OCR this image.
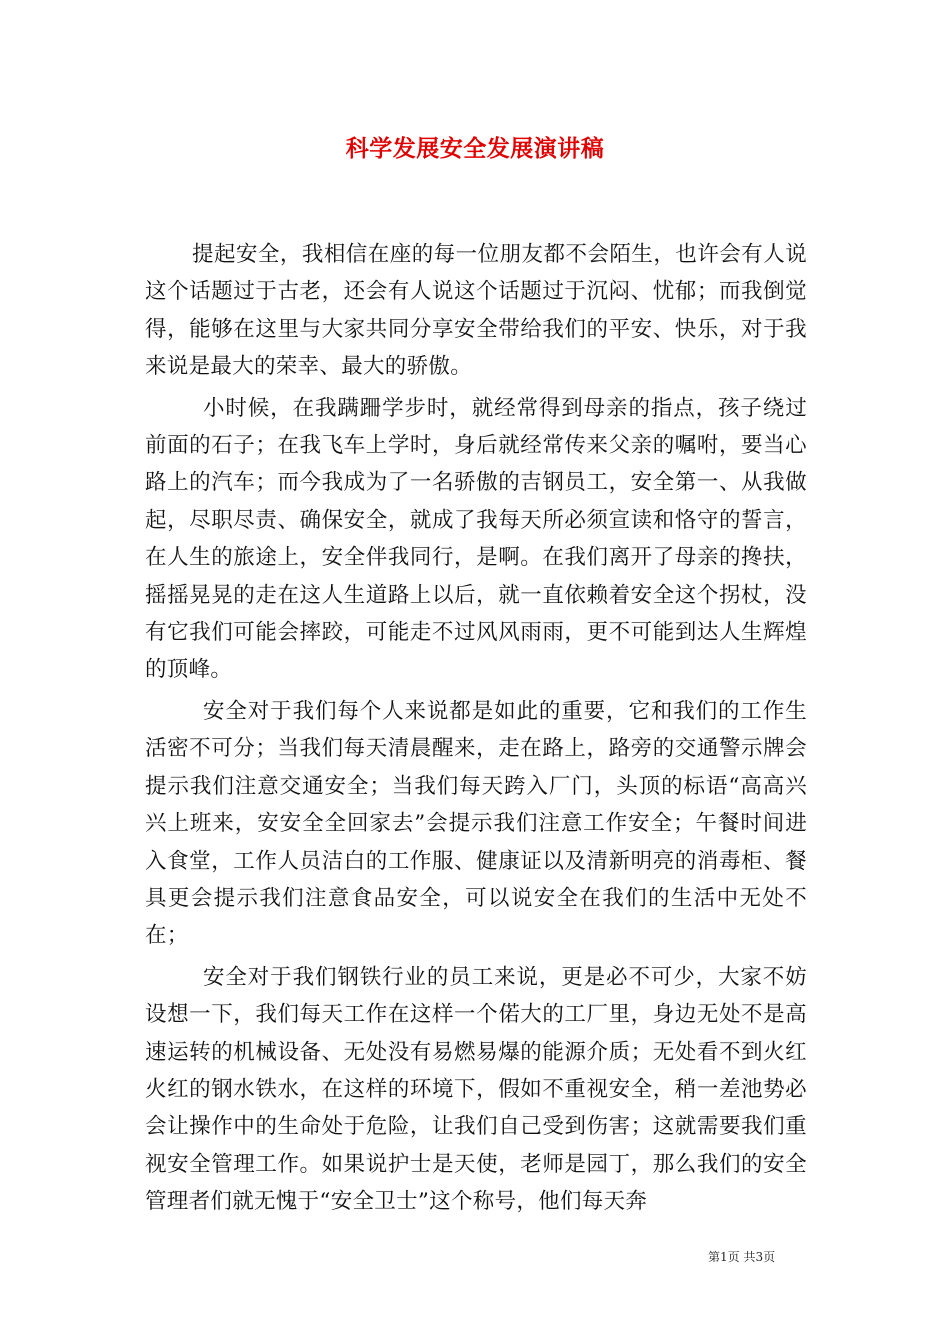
科学发展安全发展演讲稿

提起安全，我相信在座的每一位朋友都不会陌生，也许会有人说这个话题过于古老，还会有人说这个话题过于沉闷、忧郁；而我倒觉得，能够在这里与大家共同分享安全带给我们的平安、快乐，对于我来说是最大的荣幸、最大的骄傲。

小时候，在我蹒跚学步时，就经常得到母亲的指点，孩子绕过前面的石子；在我飞车上学时，身后就经常传来父亲的嘱咐，要当心路上的汽车；而今我成为了一名骄傲的吉钢员工，安全第一、从我做起，尽职尽责、确保安全，就成了我每天所必须宣读和恪守的誓言，在人生的旅途上，安全伴我同行，是啊。在我们离开了母亲的搀扶，摇摇晃晃的走在这人生道路上以后，就一直依赖着安全这个拐杖，没有它我们可能会摔跤，可能走不过风风雨雨，更不可能到达人生辉煌的顶峰。

安全对于我们每个人来说都是如此的重要，它和我们的工作生活密不可分；当我们每天清晨醒来，走在路上，路旁的交通警示牌会提示我们注意交通安全；当我们每天跨入厂门，头顶的标语“高高兴兴上班来，安安全全回家去”会提示我们注意工作安全；午餐时间进入食堂，工作人员洁白的工作服、健康证以及清新明亮的消毒柜、餐具更会提示我们注意食品安全，可以说安全在我们的生活中无处不在；

安全对于我们钢铁行业的员工来说，更是必不可少，大家不妨设想一下，我们每天工作在这样一个偌大的工厂里，身边无处不是高速运转的机械设备、无处没有易燃易爆的能源介质；无处看不到火红火红的钢水铁水，在这样的环境下，假如不重视安全，稍一差池势必会让操作中的生命处于危险，让我们自己受到伤害；这就需要我们重视安全管理工作。如果说护士是天使，老师是园丁，那么我们的安全管理者们就无愧于“安全卫士”这个称号，他们每天奔

第1页 共3页
